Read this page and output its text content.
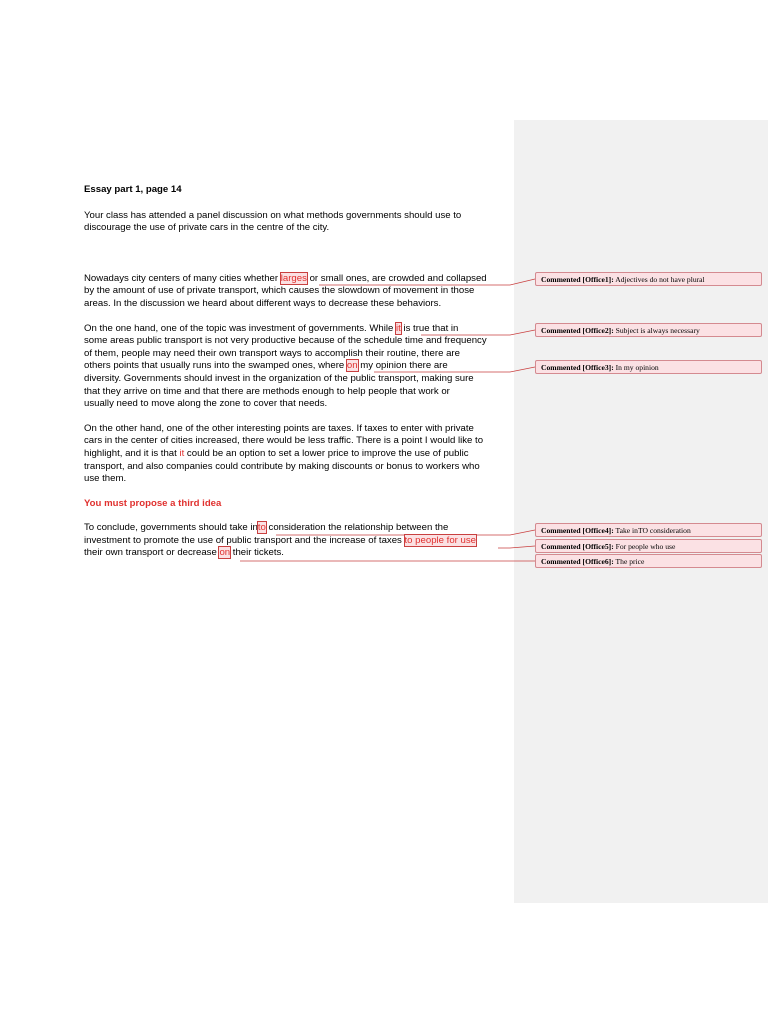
Essay part 1, page 14

Your class has attended a panel discussion on what methods governments should use to

discourage the use of private cars in the centre of the city.

Nowadays city centers of many cities whether larges or small ones, are crowded and collapsed

by the amount of use of private transport, which causes the slowdown of movement in those

areas. In the discussion we heard about different ways to decrease these behaviors.

On the one hand, one of the topic was investment of governments. While it is true that in

some areas public transport is not very productive because of the schedule time and frequency

of them, people may need their own transport ways to accomplish their routine, there are

others points that usually runs into the swamped ones, where on my opinion there are

diversity. Governments should invest in the organization of the public transport, making sure

that they arrive on time and that there are methods enough to help people that work or

usually need to move along the zone to cover that needs.

On the other hand, one of the other interesting points are taxes. If taxes to enter with private

cars in the center of cities increased, there would be less traffic. There is a point I would like to

highlight, and it is that it could be an option to set a lower price to improve the use of public

transport, and also companies could contribute by making discounts or bonus to workers who

use them.

You must propose a third idea

To conclude, governments should take into consideration the relationship between the

investment to promote the use of public transport and the increase of taxes to people for use

their own transport or decrease on their tickets.

Commented [Office1]: Adjectives do not have plural
Commented [Office2]: Subject is always necessary
Commented [Office3]: In my opinion
Commented [Office4]: Take inTO consideration
Commented [Office5]: For people who use
Commented [Office6]: The price
